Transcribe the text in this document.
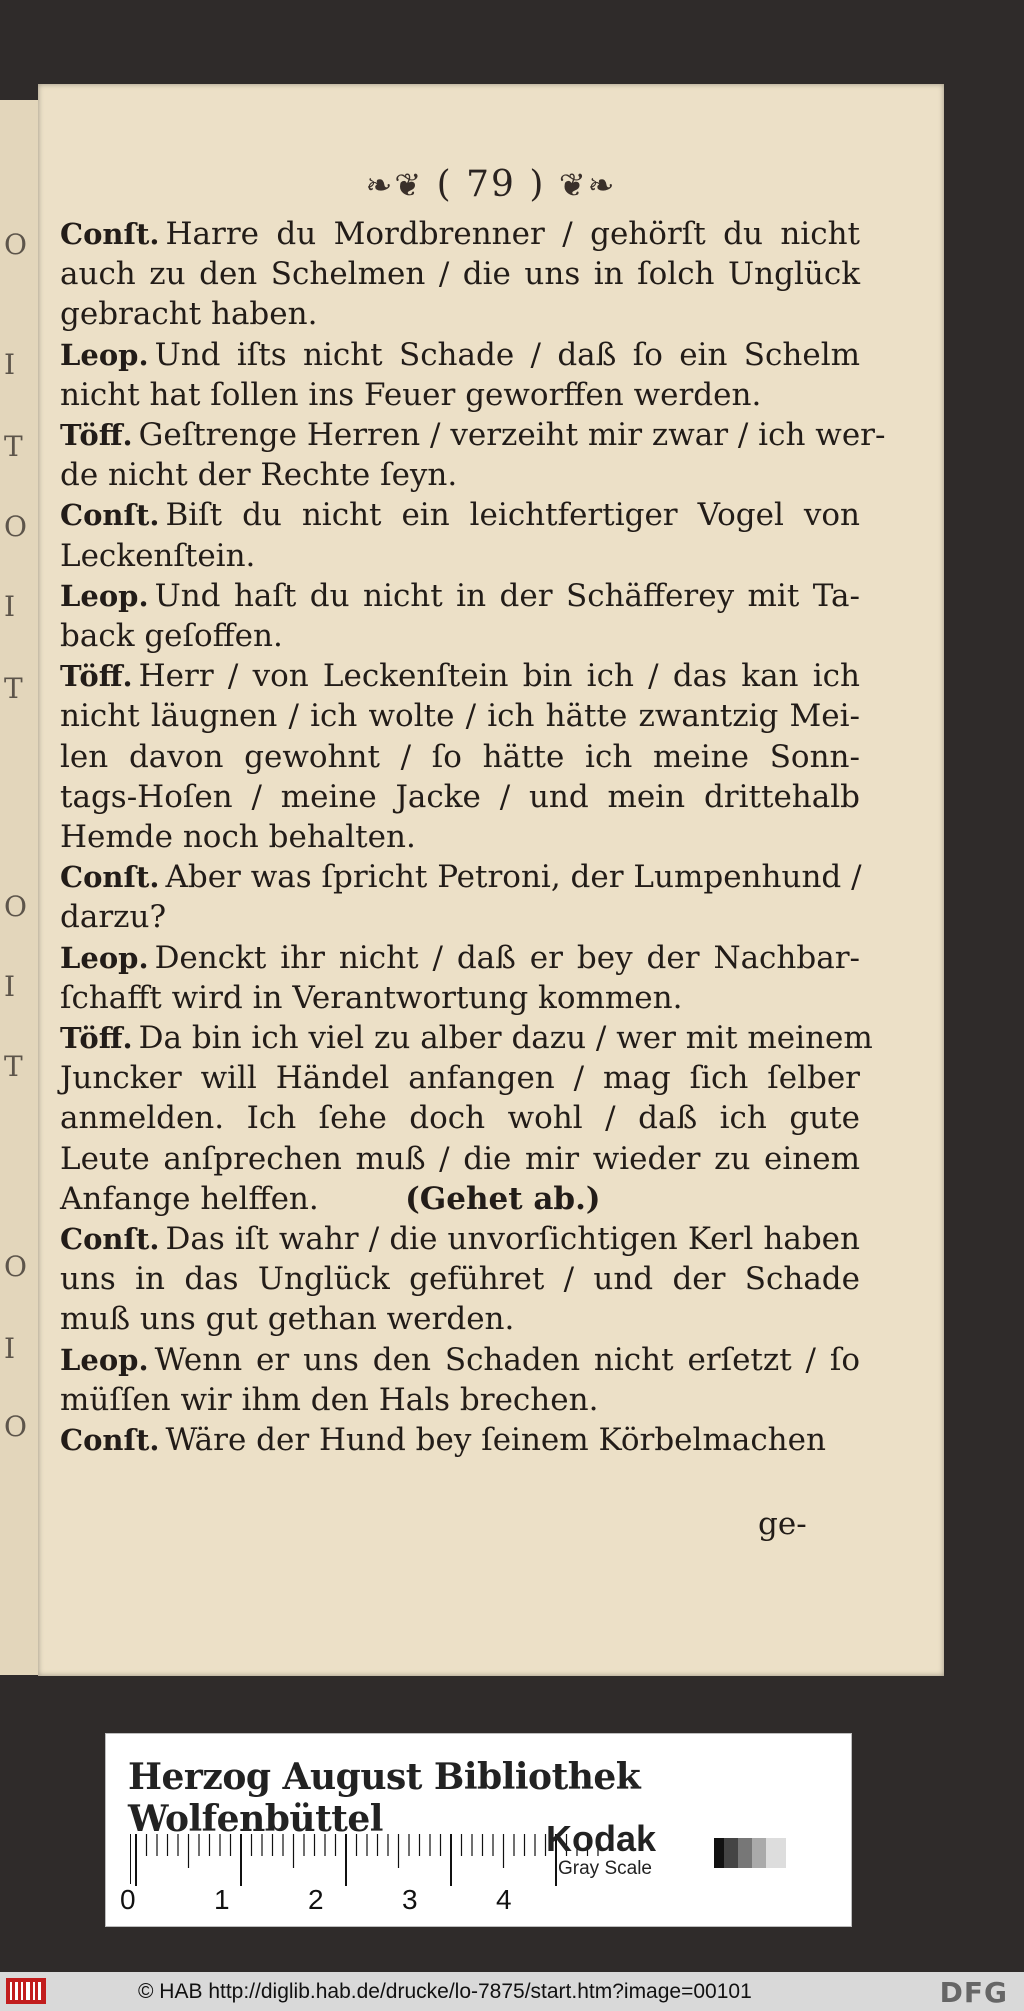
O
I
T
O
I
T
O
I
T
O
I
O
❧❦ ( 79 ) ❦❧
Conſt. Harre du Mordbrenner / gehörſt du nicht
auch zu den Schelmen / die uns in ſolch Unglück
gebracht haben.
Leop. Und iſts nicht Schade / daß ſo ein Schelm
nicht hat ſollen ins Feuer geworffen werden.
Töff. Geſtrenge Herren / verzeiht mir zwar / ich wer-
de nicht der Rechte ſeyn.
Conſt. Biſt du nicht ein leichtfertiger Vogel von
Leckenſtein.
Leop. Und haſt du nicht in der Schäfferey mit Ta-
back geſoffen.
Töff. Herr / von Leckenſtein bin ich / das kan ich
nicht läugnen / ich wolte / ich hätte zwantzig Mei-
len davon gewohnt / ſo hätte ich meine Sonn-
tags-Hoſen / meine Jacke / und mein drittehalb
Hemde noch behalten.
Conſt. Aber was ſpricht Petroni, der Lumpenhund /
darzu?
Leop. Denckt ihr nicht / daß er bey der Nachbar-
ſchafft wird in Verantwortung kommen.
Töff. Da bin ich viel zu alber dazu / wer mit meinem
Juncker will Händel anfangen / mag ſich ſelber
anmelden. Ich ſehe doch wohl / daß ich gute
Leute anſprechen muß / die mir wieder zu einem
Anfange helffen.        (Gehet ab.)
Conſt. Das iſt wahr / die unvorſichtigen Kerl haben
uns in das Unglück geführet / und der Schade
muß uns gut gethan werden.
Leop. Wenn er uns den Schaden nicht erſetzt / ſo
müſſen wir ihm den Hals brechen.
Conſt. Wäre der Hund bey ſeinem Körbelmachen
ge-
Herzog August Bibliothek Wolfenbüttel
0	1	2	3	4
Kodak
Gray Scale
© HAB http://diglib.hab.de/drucke/lo-7875/start.htm?image=00101	DFG
